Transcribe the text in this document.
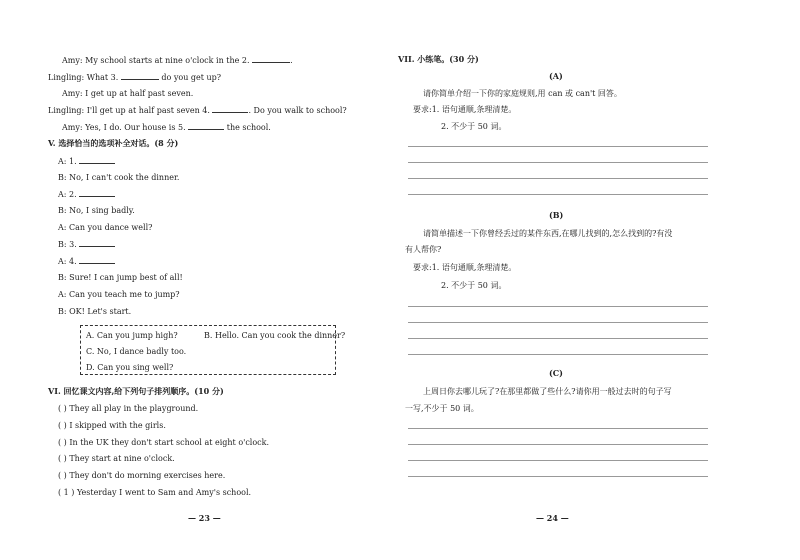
Amy: My school starts at nine o'clock in the 2.	.
Lingling: What 3.	do you get up?
Amy: I get up at half past seven.
Lingling: I'll get up at half past seven 4.	. Do you walk to school?
Amy: Yes, I do. Our house is 5.	the school.
V. 选择恰当的选项补全对话。(8 分)
A: 1.
B: No, I can't cook the dinner.
A: 2.
B: No, I sing badly.
A: Can you dance well?
B: 3.
A: 4.
B: Sure! I can jump best of all!
A: Can you teach me to jump?
B: OK! Let's start.
A. Can you jump high?	B. Hello. Can you cook the dinner?
C. No, I dance badly too.
D. Can you sing well?
VI. 回忆课文内容,给下列句子排列顺序。(10 分)
( ) They all play in the playground.
( ) I skipped with the girls.
( ) In the UK they don't start school at eight o'clock.
( ) They start at nine o'clock.
( ) They don't do morning exercises here.
( 1 ) Yesterday I went to Sam and Amy's school.
— 23 —
VII. 小练笔。(30 分)
(A)
请你简单介绍一下你的家庭规则,用 can 或 can't 回答。
要求:1. 语句通顺,条理清楚。
2. 不少于 50 词。
(B)
请简单描述一下你曾经丢过的某件东西,在哪儿找到的,怎么找到的?有没
有人帮你?
要求:1. 语句通顺,条理清楚。
2. 不少于 50 词。
(C)
上周日你去哪儿玩了?在那里都做了些什么?请你用一般过去时的句子写
一写,不少于 50 词。
— 24 —
